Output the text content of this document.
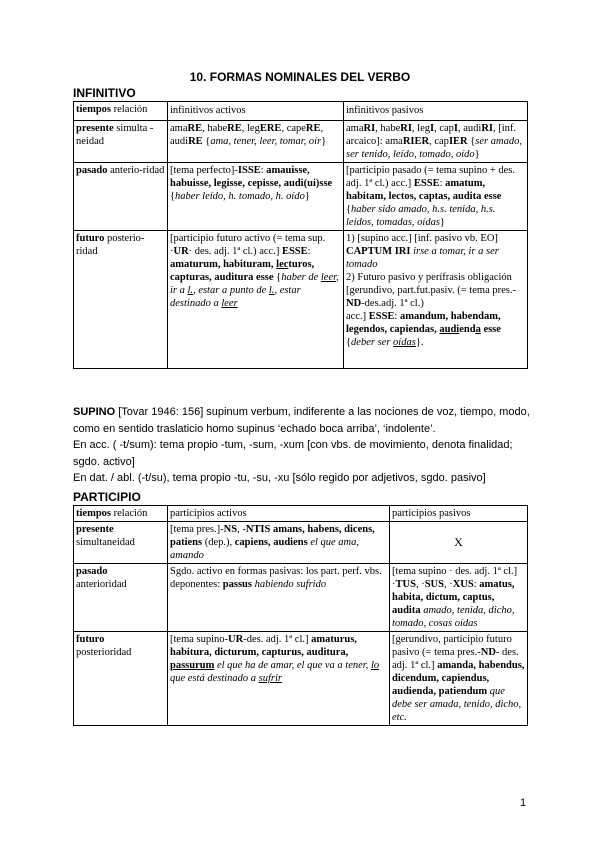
10. FORMAS NOMINALES DEL VERBO
INFINITIVO
tiempos relación	infinitivos activos	infinitivos pasivos
presente simulta -neidad	amaRE, habeRE, legERE, capeRE, audiRE {ama, tener, leer, tomar, oír}	amaRI, habeRI, legI, capI, audiRI, [inf. arcaico]: amaRIER, capIER {ser amado, ser tenido, leído, tomado, oído}
pasado anterio-ridad	[tema perfecto]-ISSE: amauisse, habuisse, legisse, cepisse, audi(ui)sse {haber leído, h. tomado, h. oído}	[participio pasado (= tema supino + des. adj. 1ª cl.) acc.] ESSE: amatum, habitam, lectos, captas, audita esse {haber sido amado, h.s. tenida, h.s. leídos, tomadas, oídas}
futuro posterio-ridad	[participio futuro activo (= tema sup. ·UR· des. adj. 1ª cl.) acc.] ESSE: amaturum, habituram, lecturos, capturas, auditura esse {haber de leer, ir a l., estar a punto de l., estar destinado a leer	1) [supino acc.] [inf. pasivo vb. EO] CAPTUM IRI irse a tomar, ir a ser tomado
2) Futuro pasivo y perífrasis obligación [gerundivo, part.fut.pasiv. (= tema pres.-ND-des.adj. 1ª cl.)
acc.] ESSE: amandum, habendam, legendos, capiendas, audienda esse {deber ser oídas}.
SUPINO [Tovar 1946: 156] supinum verbum, indiferente a las nociones de voz, tiempo, modo, como en sentido traslaticio homo supinus ‘echado boca arriba’, ‘indolente’.
En acc. ( -t/sum): tema propio -tum, -sum, -xum [con vbs. de movimiento, denota finalidad; sgdo. activo]
En dat. / abl. (-t/su), tema propio -tu, -su, -xu [sólo regido por adjetivos, sgdo. pasivo]
PARTICIPIO
tiempos relación	participios activos	participios pasivos
presente
simultaneidad	[tema pres.]-NS, -NTIS amans, habens, dicens, patiens (dep.), capiens, audiens el que ama, amando	X
pasado
anterioridad	Sgdo. activo en formas pasivas: los part. perf. vbs. deponentes: passus habiendo sufrido	[tema supino · des. adj. 1ª cl.] ·TUS, ·SUS, ·XUS: amatus, habita, dictum, captus, audita amado, tenida, dicho, tomado, cosas oídas
futuro
posterioridad	[tema supino-UR-des. adj. 1ª cl.] amaturus, habitura, dicturum, capturus, auditura, passurum el que ha de amar, el que va a tener, lo que está destinado a sufrir	[gerundivo, participio futuro pasivo (= tema pres.-ND- des. adj. 1ª cl.] amanda, habendus, dicendum, capiendus, audienda, patiendum que debe ser amada, tenido, dicho, etc.
1
